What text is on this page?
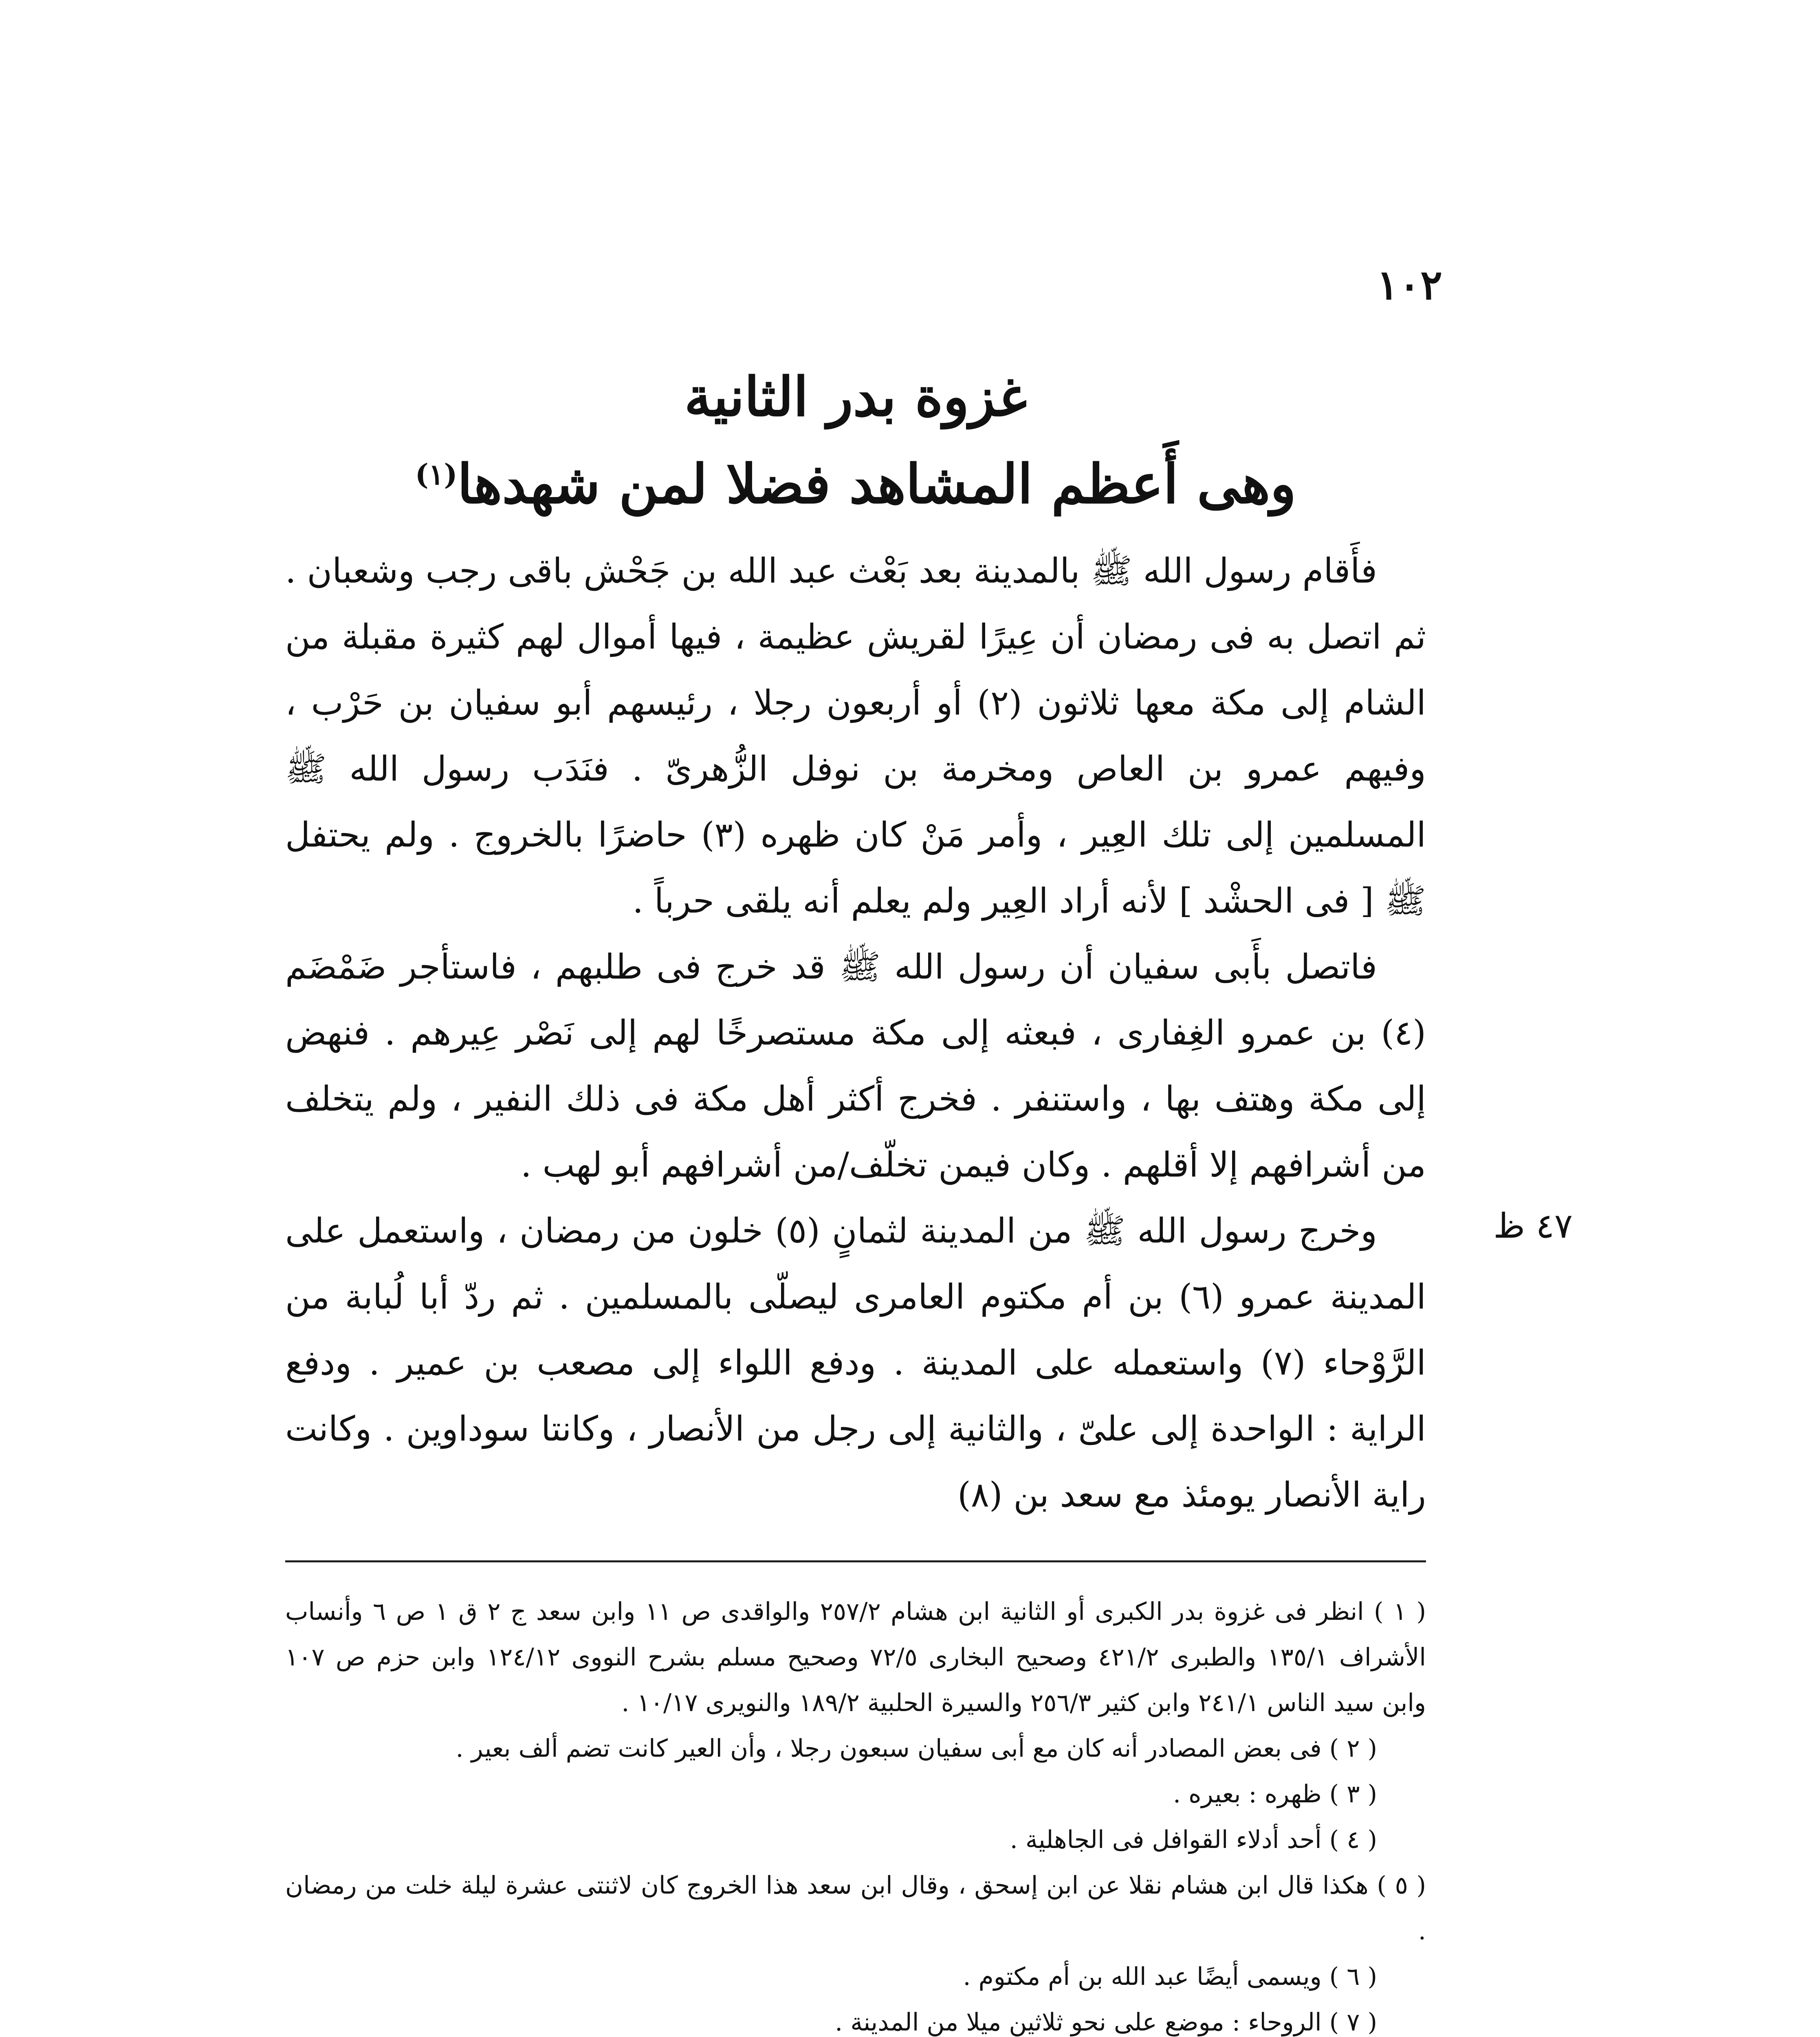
١٠٢
غزوة بدر الثانية
وهى أَعظم المشاهد فضلا لمن شهدها$^{(١)}$

فأَقام رسول الله ﷺ بالمدينة بعد بَعْث عبد الله بن جَحْش باقى رجب وشعبان . ثم اتصل به فى رمضان أن عِيرًا لقريش عظيمة ، فيها أموال لهم كثيرة مقبلة من الشام إلى مكة معها ثلاثون (٢) أو أربعون رجلا ، رئيسهم أبو سفيان بن حَرْب ، وفيهم عمرو بن العاص ومخرمة بن نوفل الزُّهرىّ . فنَدَب رسول الله ﷺ المسلمين إلى تلك العِير ، وأمر مَنْ كان ظهره (٣) حاضرًا بالخروج . ولم يحتفل ﷺ [ فى الحشْد ] لأنه أراد العِير ولم يعلم أنه يلقى حرباً .

فاتصل بأَبى سفيان أن رسول الله ﷺ قد خرج فى طلبهم ، فاستأجر ضَمْضَم (٤) بن عمرو الغِفارى ، فبعثه إلى مكة مستصرخًا لهم إلى نَصْر عِيرهم . فنهض إلى مكة وهتف بها ، واستنفر . فخرج أكثر أهل مكة فى ذلك النفير ، ولم يتخلف من أشرافهم إلا أقلهم . وكان فيمن تخلّف/من أشرافهم أبو لهب .

وخرج رسول الله ﷺ من المدينة لثمانٍ (٥) خلون من رمضان ، واستعمل على المدينة عمرو (٦) بن أم مكتوم العامرى ليصلّى بالمسلمين . ثم ردّ أبا لُبابة من الرَّوْحاء (٧) واستعمله على المدينة . ودفع اللواء إلى مصعب بن عمير . ودفع الراية : الواحدة إلى علىّ ، والثانية إلى رجل من الأنصار ، وكانتا سوداوين . وكانت راية الأنصار يومئذ مع سعد بن (٨)

٤٧ ظ

( ١ ) انظر فى غزوة بدر الكبرى أو الثانية ابن هشام ٢٥٧/٢ والواقدى ص ١١ وابن سعد ج ٢ ق ١ ص ٦ وأنساب الأشراف ١٣٥/١ والطبرى ٤٢١/٢ وصحيح البخارى ٧٢/٥ وصحيح مسلم بشرح النووى ١٢٤/١٢ وابن حزم ص ١٠٧ وابن سيد الناس ٢٤١/١ وابن كثير ٢٥٦/٣ والسيرة الحلبية ١٨٩/٢ والنويرى ١٠/١٧ .

( ٢ ) فى بعض المصادر أنه كان مع أبى سفيان سبعون رجلا ، وأن العير كانت تضم ألف بعير .

( ٣ ) ظهره : بعيره .

( ٤ ) أحد أدلاء القوافل فى الجاهلية .

( ٥ ) هكذا قال ابن هشام نقلا عن ابن إسحق ، وقال ابن سعد هذا الخروج كان لاثنتى عشرة ليلة خلت من رمضان .

( ٦ ) ويسمى أيضًا عبد الله بن أم مكتوم .

( ٧ ) الروحاء : موضع على نحو ثلاثين ميلا من المدينة .
